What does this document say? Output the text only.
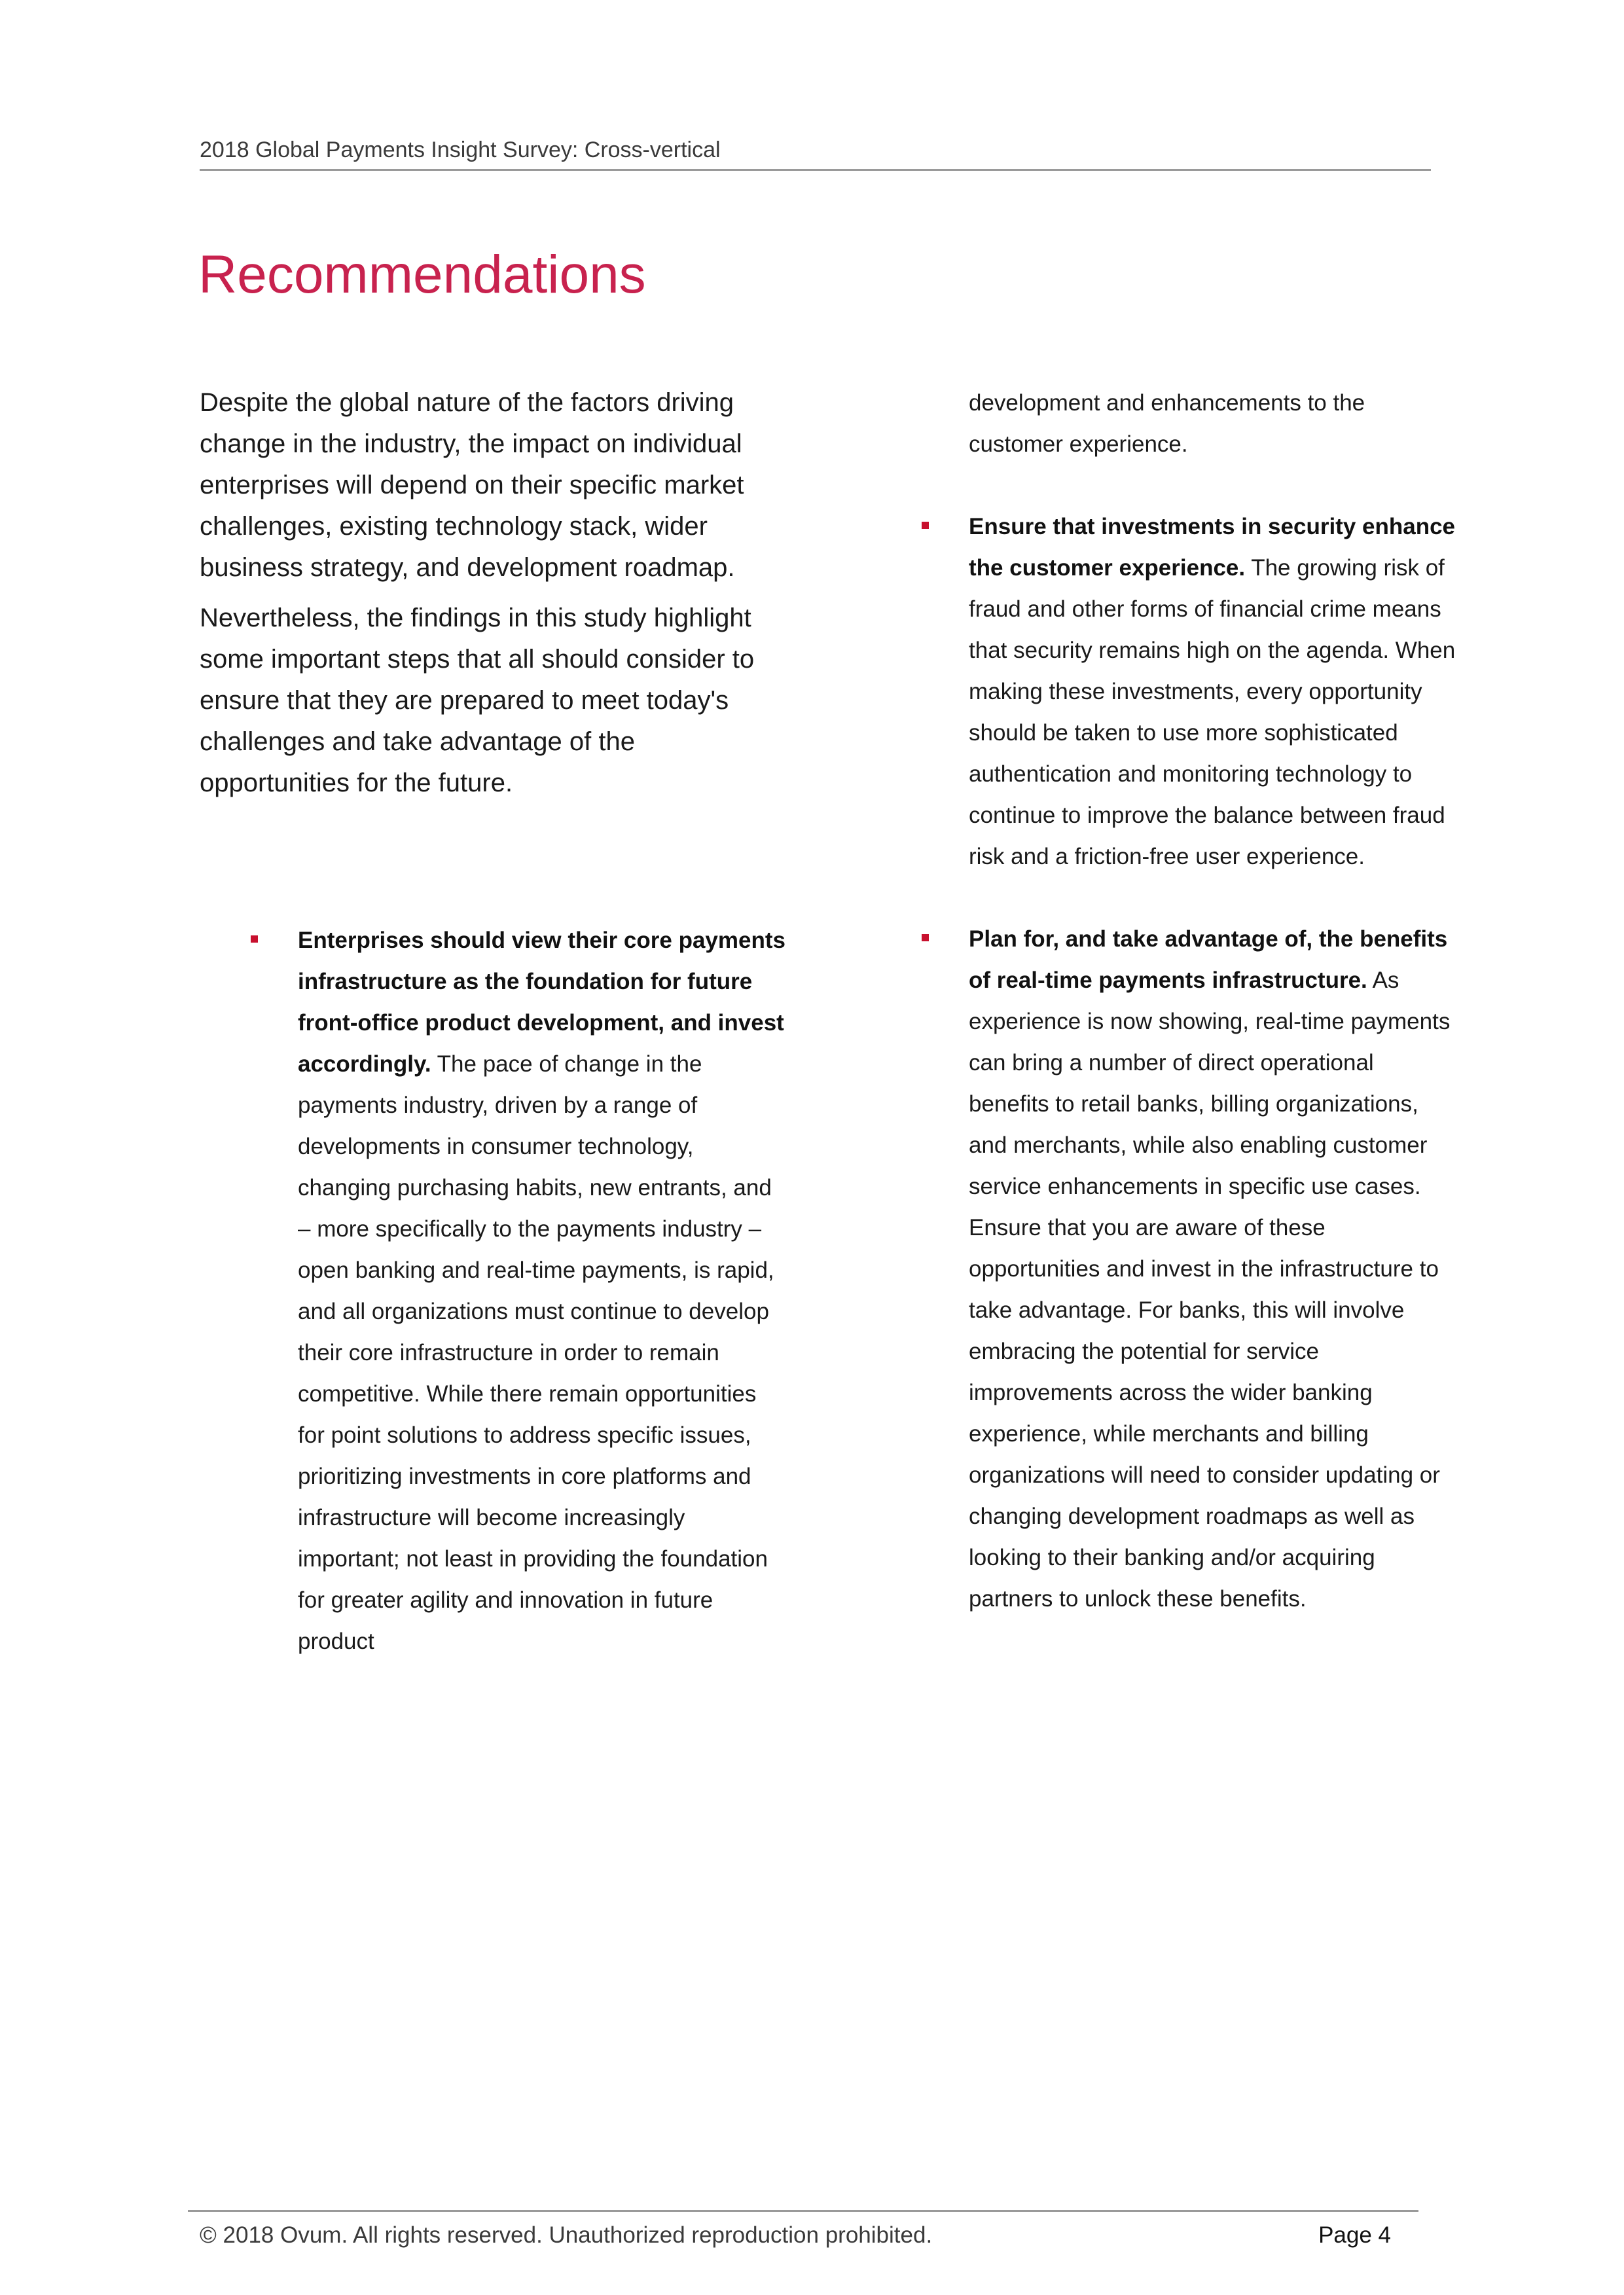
2018 Global Payments Insight Survey: Cross-vertical
Recommendations

Despite the global nature of the factors driving change in the industry, the impact on individual enterprises will depend on their specific market challenges, existing technology stack, wider business strategy, and development roadmap.

Nevertheless, the findings in this study highlight some important steps that all should consider to ensure that they are prepared to meet today's challenges and take advantage of the opportunities for the future.

Enterprises should view their core payments infrastructure as the foundation for future front-office product development, and invest accordingly. The pace of change in the payments industry, driven by a range of developments in consumer technology, changing purchasing habits, new entrants, and – more specifically to the payments industry – open banking and real-time payments, is rapid, and all organizations must continue to develop their core infrastructure in order to remain competitive. While there remain opportunities for point solutions to address specific issues, prioritizing investments in core platforms and infrastructure will become increasingly important; not least in providing the foundation for greater agility and innovation in future product
development and enhancements to the customer experience.
Ensure that investments in security enhance the customer experience. The growing risk of fraud and other forms of financial crime means that security remains high on the agenda. When making these investments, every opportunity should be taken to use more sophisticated authentication and monitoring technology to continue to improve the balance between fraud risk and a friction-free user experience.
Plan for, and take advantage of, the benefits of real-time payments infrastructure. As experience is now showing, real-time payments can bring a number of direct operational benefits to retail banks, billing organizations, and merchants, while also enabling customer service enhancements in specific use cases. Ensure that you are aware of these opportunities and invest in the infrastructure to take advantage. For banks, this will involve embracing the potential for service improvements across the wider banking experience, while merchants and billing organizations will need to consider updating or changing development roadmaps as well as looking to their banking and/or acquiring partners to unlock these benefits.
© 2018 Ovum. All rights reserved. Unauthorized reproduction prohibited.	Page 4
